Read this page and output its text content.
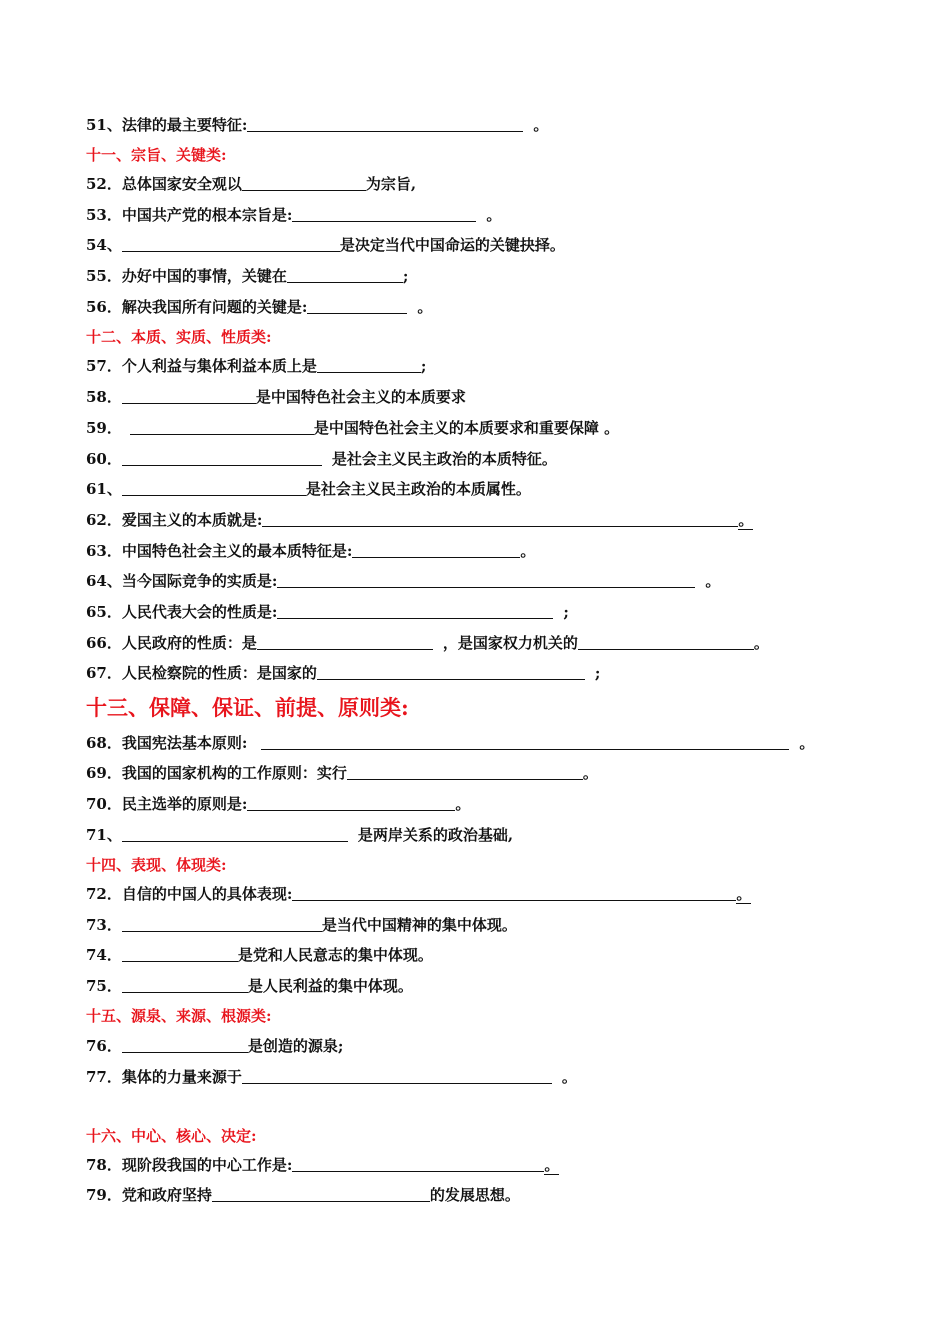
51、法律的最主要特征:	。
十一、宗旨、关键类:
52．总体国家安全观以	为宗旨,
53．中国共产党的根本宗旨是:	。
54、	是决定当代中国命运的关键抉择。
55．办好中国的事情，关键在	;
56．解决我国所有问题的关键是:	。
十二、本质、实质、性质类:
57．个人利益与集体利益本质上是	;
58．	是中国特色社会主义的本质要求
59．	是中国特色社会主义的本质要求和重要保障 。
60．	是社会主义民主政治的本质特征。
61、	是社会主义民主政治的本质属性。
62．爱国主义的本质就是:	。
63．中国特色社会主义的最本质特征是:	。
64、当今国际竞争的实质是:	。
65．人民代表大会的性质是:	;
66．人民政府的性质：是	，是国家权力机关的	。
67．人民检察院的性质：是国家的	;
十三、保障、保证、前提、原则类:
68．我国宪法基本原则:	。
69．我国的国家机构的工作原则：实行	。
70．民主选举的原则是:	。
71、	是两岸关系的政治基础,
十四、表现、体现类:
72．自信的中国人的具体表现:	。
73．	是当代中国精神的集中体现。
74．	是党和人民意志的集中体现。
75．	是人民利益的集中体现。
十五、源泉、来源、根源类:
76．	是创造的源泉;
77．集体的力量来源于	。
十六、中心、核心、决定:
78．现阶段我国的中心工作是:	。
79．党和政府坚持	的发展思想。
